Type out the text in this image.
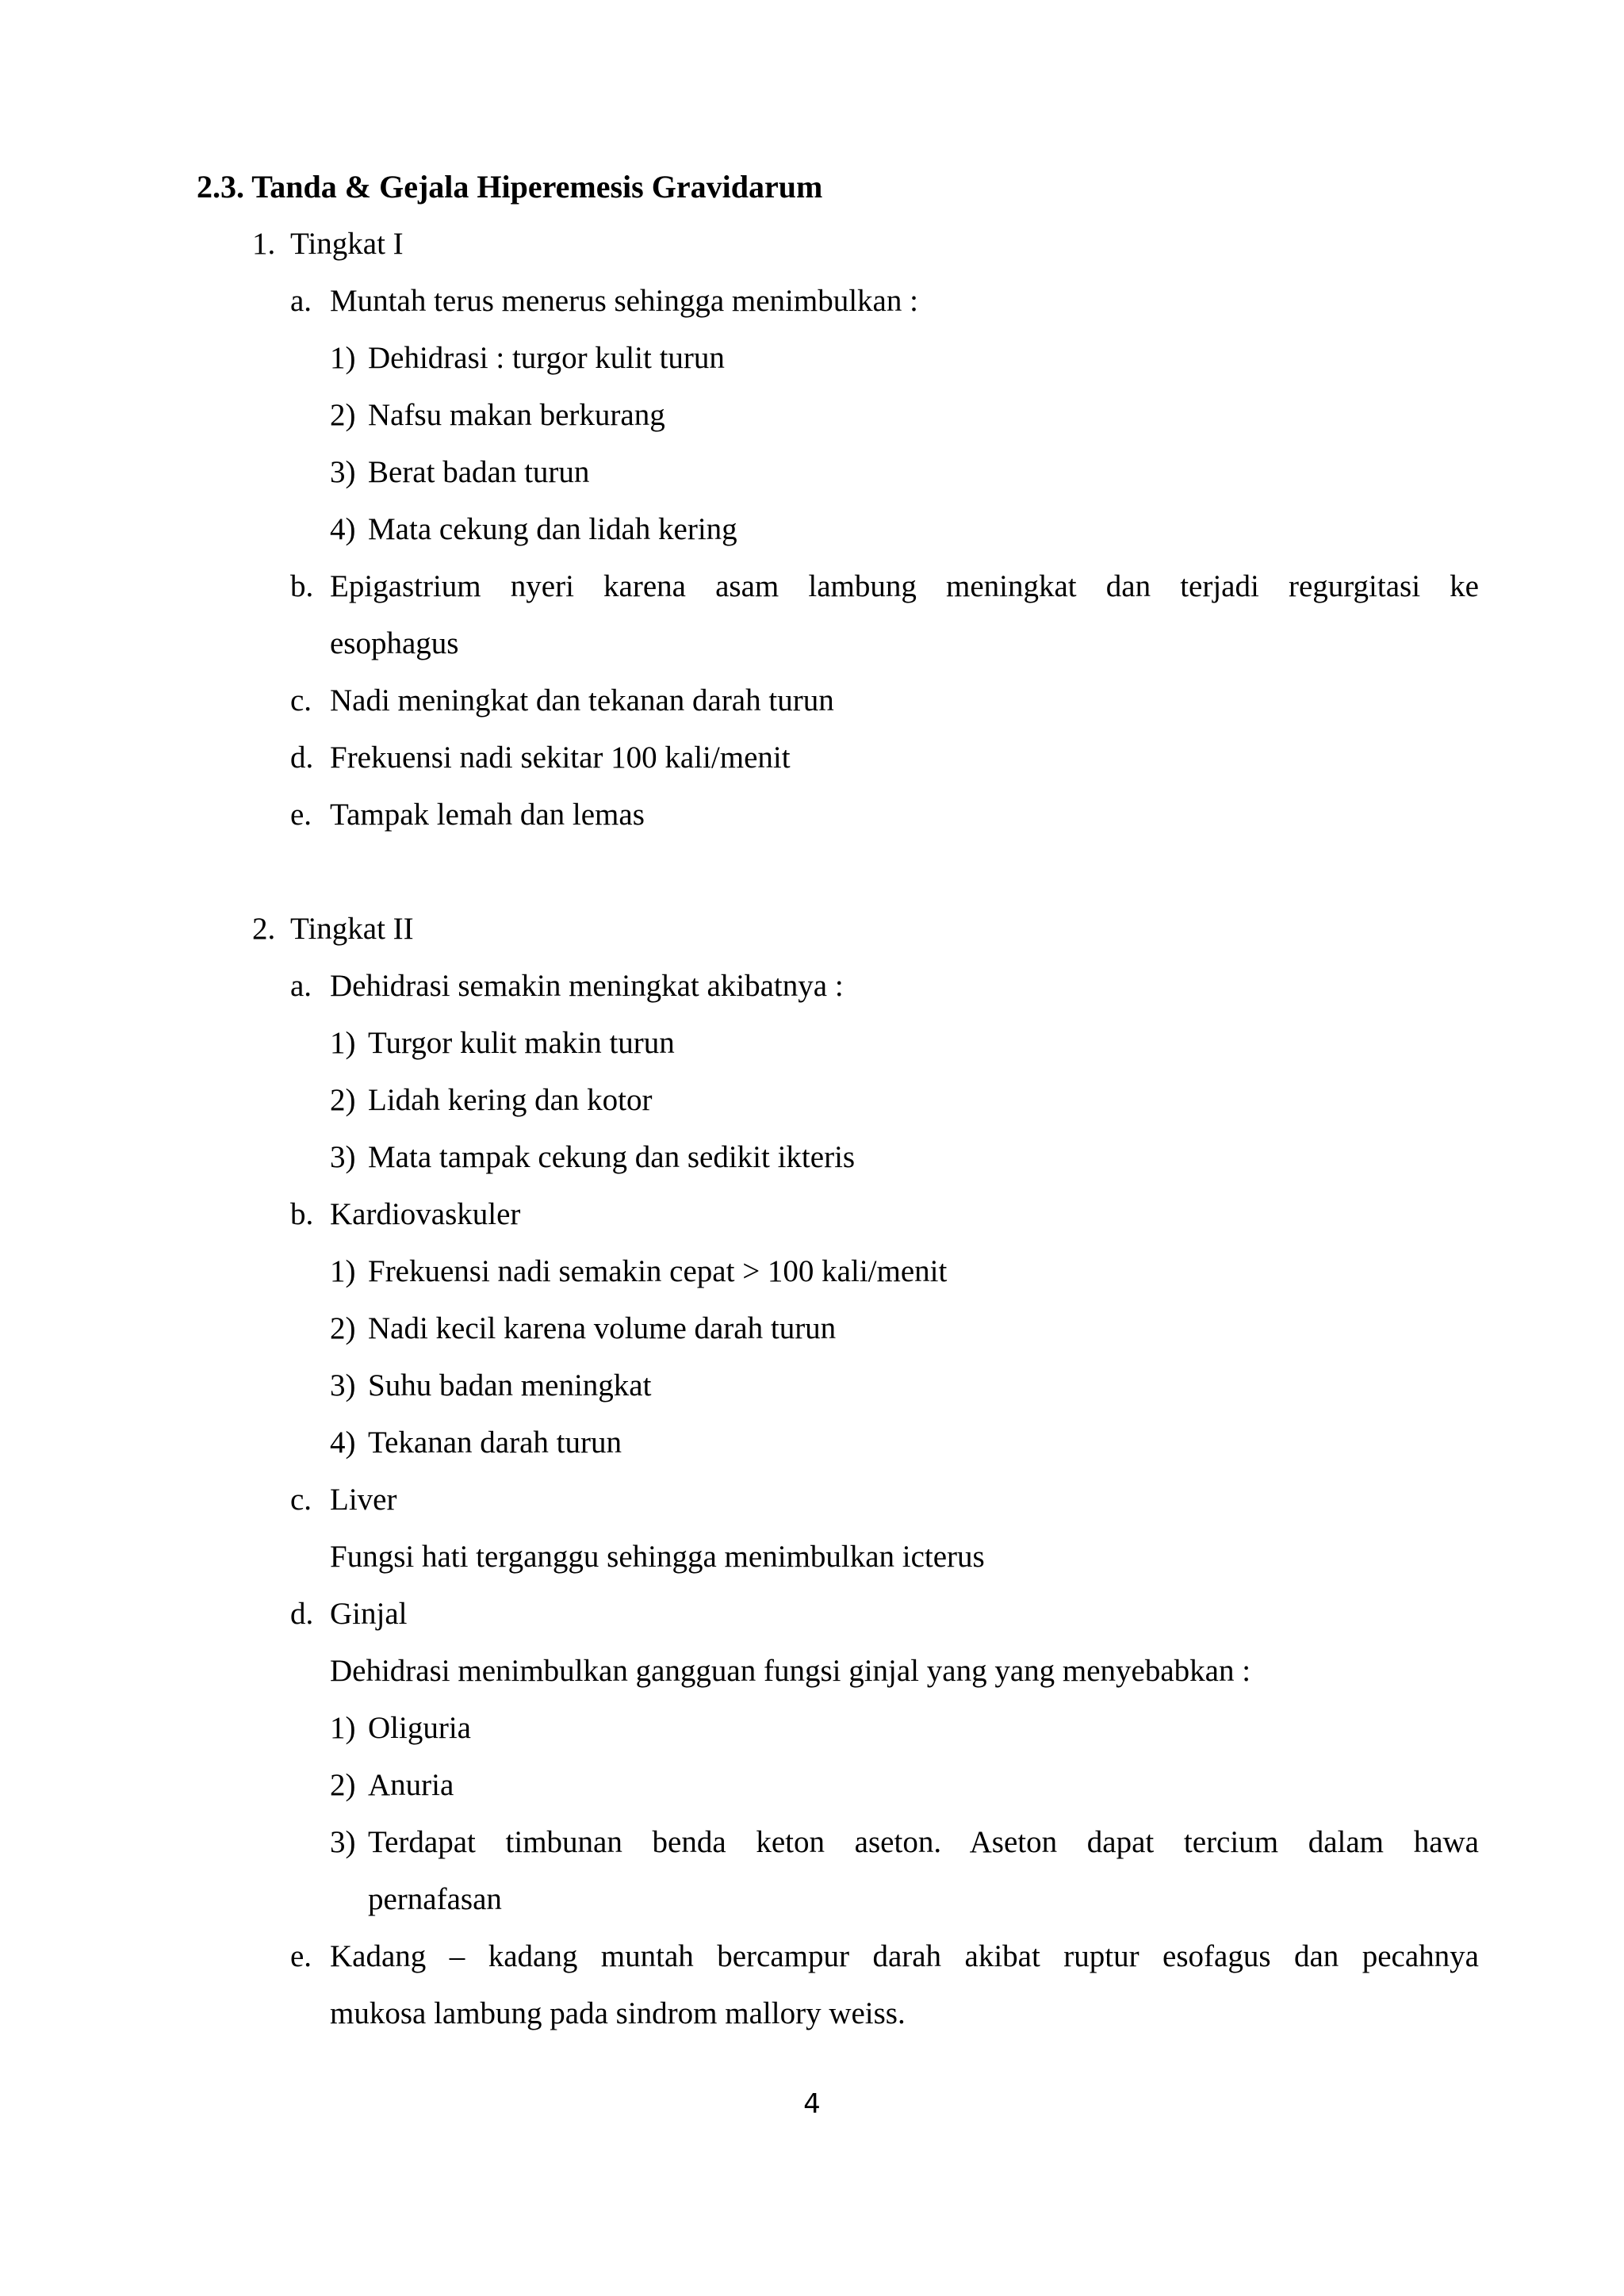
2.3. Tanda & Gejala Hiperemesis Gravidarum
1. Tingkat I
a. Muntah terus menerus sehingga menimbulkan :
1) Dehidrasi : turgor kulit turun
2) Nafsu makan berkurang
3) Berat badan turun
4) Mata cekung dan lidah kering
b. Epigastrium nyeri karena asam lambung meningkat dan terjadi regurgitasi ke
esophagus
c. Nadi meningkat dan tekanan darah turun
d. Frekuensi nadi sekitar 100 kali/menit
e. Tampak lemah dan lemas
2. Tingkat II
a. Dehidrasi semakin meningkat akibatnya :
1) Turgor kulit makin turun
2) Lidah kering dan kotor
3) Mata tampak cekung dan sedikit ikteris
b. Kardiovaskuler
1) Frekuensi nadi semakin cepat > 100 kali/menit
2) Nadi kecil karena volume darah turun
3) Suhu badan meningkat
4) Tekanan darah turun
c. Liver
Fungsi hati terganggu sehingga menimbulkan icterus
d. Ginjal
Dehidrasi menimbulkan gangguan fungsi ginjal yang yang menyebabkan :
1) Oliguria
2) Anuria
3) Terdapat timbunan benda keton aseton. Aseton dapat tercium dalam hawa
pernafasan
e. Kadang – kadang muntah bercampur darah akibat ruptur esofagus dan pecahnya
mukosa lambung pada sindrom mallory weiss.
4
